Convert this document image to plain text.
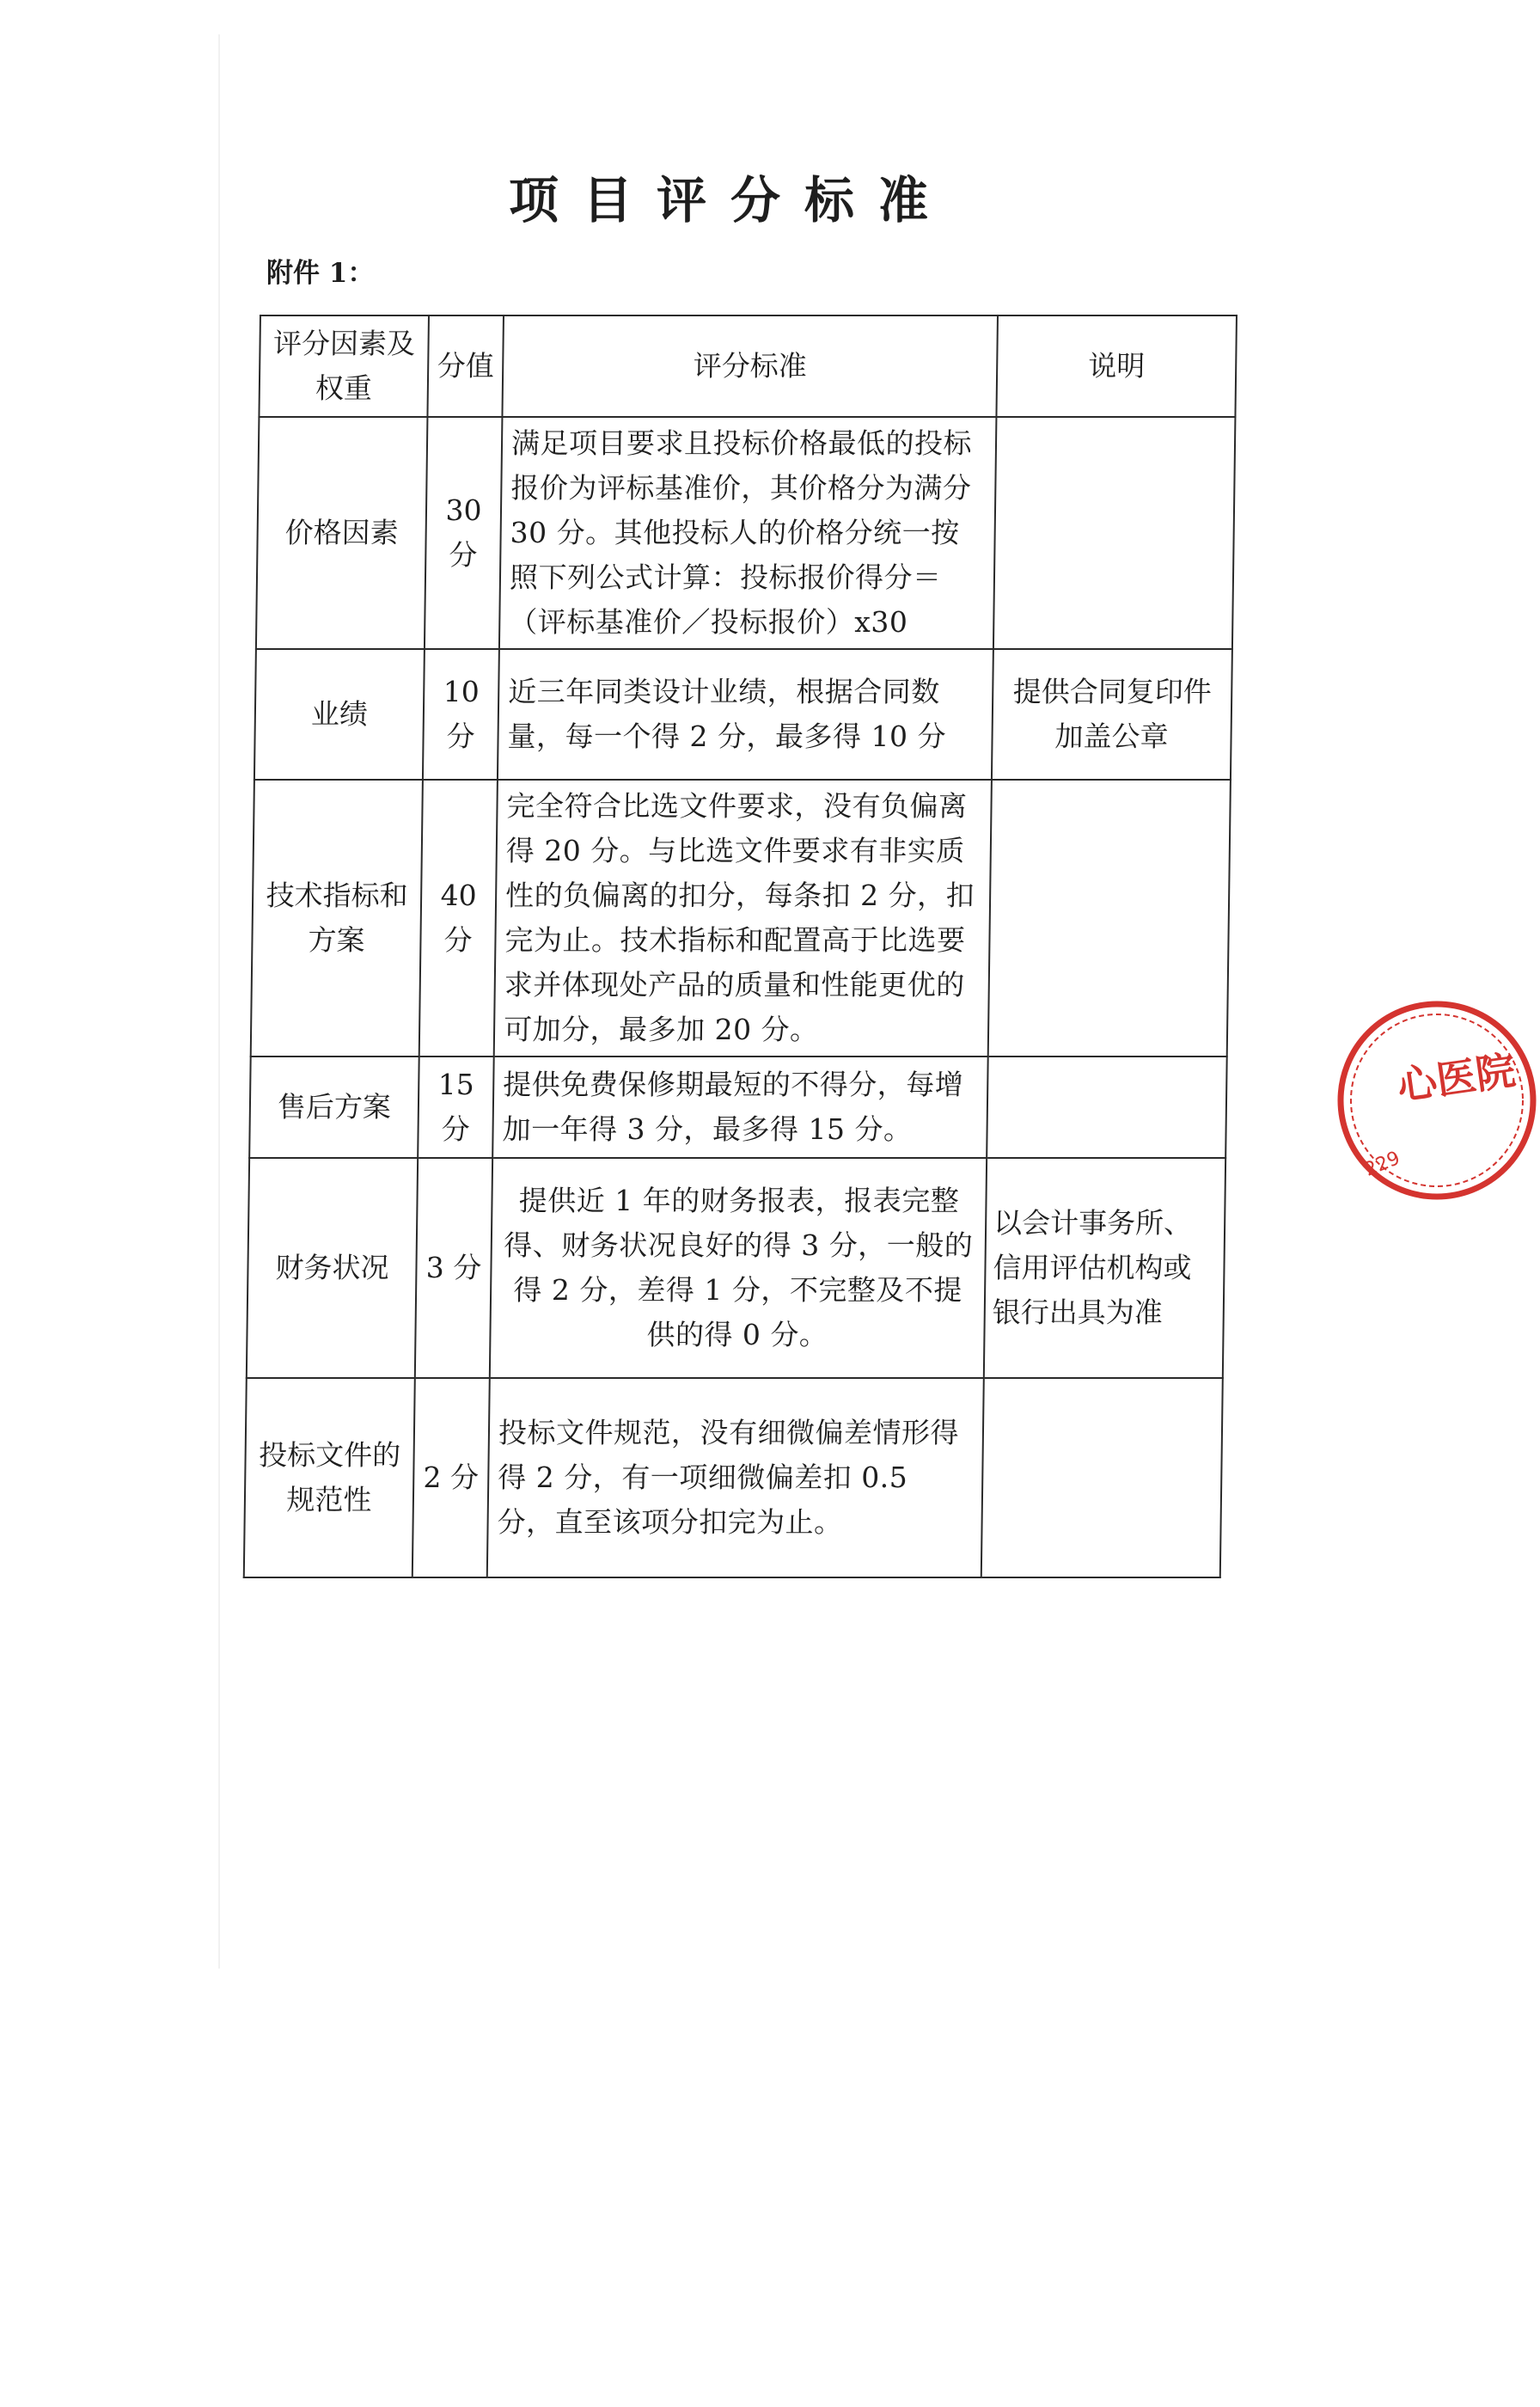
项目评分标准
附件 1：
评分因素及权重	分值	评分标准	说明
价格因素	30 分	满足项目要求且投标价格最低的投标报价为评标基准价，其价格分为满分 30 分。其他投标人的价格分统一按照下列公式计算：投标报价得分＝（评标基准价／投标报价）x30	
业绩	10 分	近三年同类设计业绩，根据合同数量，每一个得 2 分，最多得 10 分	提供合同复印件加盖公章
技术指标和方案	40 分	完全符合比选文件要求，没有负偏离得 20 分。与比选文件要求有非实质性的负偏离的扣分，每条扣 2 分，扣完为止。技术指标和配置高于比选要求并体现处产品的质量和性能更优的可加分，最多加 20 分。	
售后方案	15 分	提供免费保修期最短的不得分，每增加一年得 3 分，最多得 15 分。	
财务状况	3 分	提供近 1 年的财务报表，报表完整得、财务状况良好的得 3 分，一般的得 2 分，差得 1 分，不完整及不提供的得 0 分。	以会计事务所、信用评估机构或银行出具为准
投标文件的规范性	2 分	投标文件规范，没有细微偏差情形得得 2 分，有一项细微偏差扣 0.5 分，直至该项分扣完为止。	
心医院
229
